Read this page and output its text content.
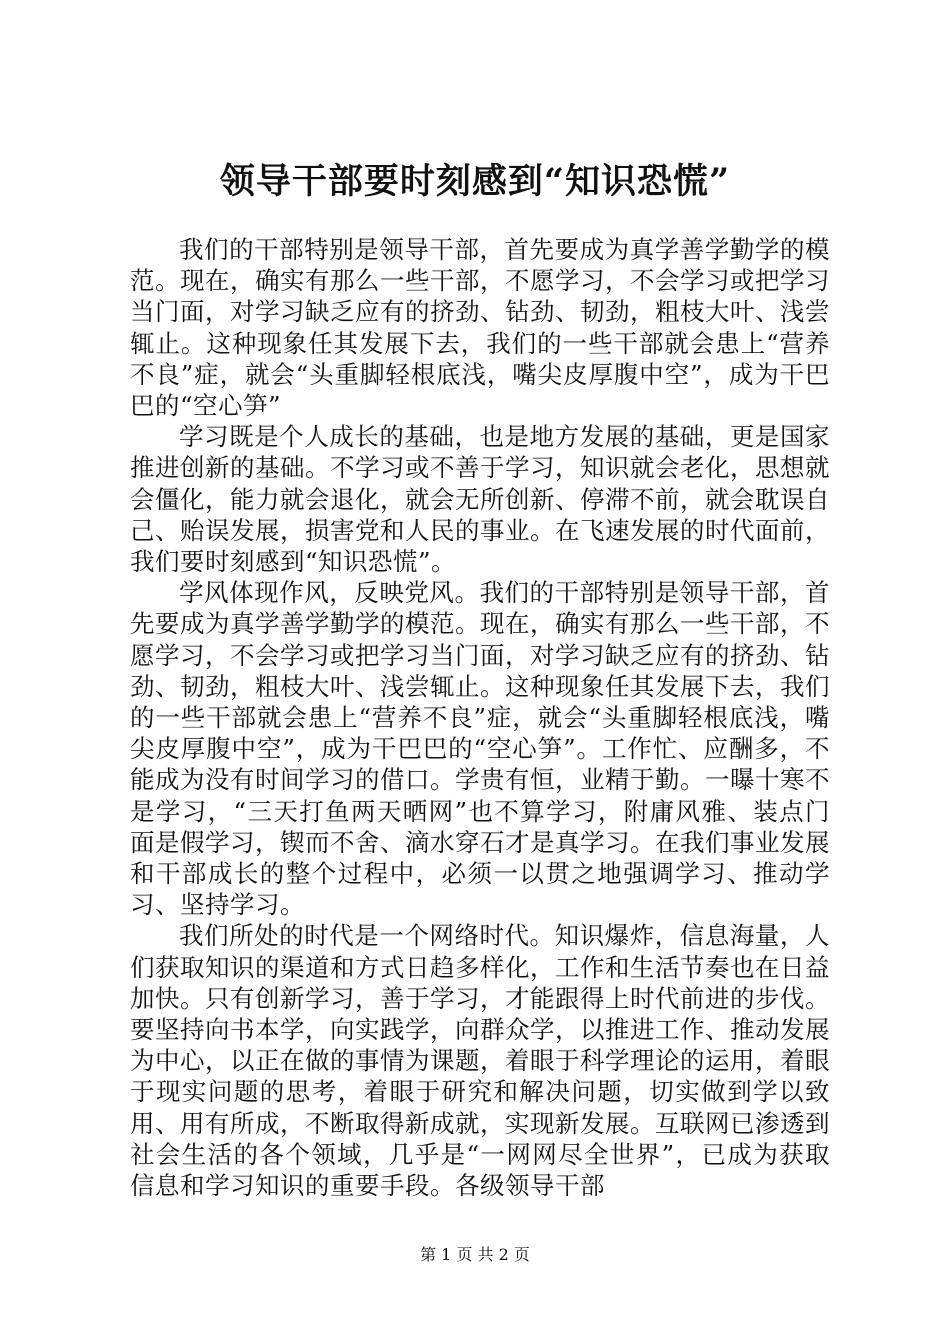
领导干部要时刻感到“知识恐慌”

我们的干部特别是领导干部，首先要成为真学善学勤学的模范。现在，确实有那么一些干部，不愿学习，不会学习或把学习当门面，对学习缺乏应有的挤劲、钻劲、韧劲，粗枝大叶、浅尝辄止。这种现象任其发展下去，我们的一些干部就会患上“营养不良”症，就会“头重脚轻根底浅，嘴尖皮厚腹中空”，成为干巴巴的“空心笋”

学习既是个人成长的基础，也是地方发展的基础，更是国家推进创新的基础。不学习或不善于学习，知识就会老化，思想就会僵化，能力就会退化，就会无所创新、停滞不前，就会耽误自己、贻误发展，损害党和人民的事业。在飞速发展的时代面前，我们要时刻感到“知识恐慌”。

学风体现作风，反映党风。我们的干部特别是领导干部，首先要成为真学善学勤学的模范。现在，确实有那么一些干部，不愿学习，不会学习或把学习当门面，对学习缺乏应有的挤劲、钻劲、韧劲，粗枝大叶、浅尝辄止。这种现象任其发展下去，我们的一些干部就会患上“营养不良”症，就会“头重脚轻根底浅，嘴尖皮厚腹中空”，成为干巴巴的“空心笋”。工作忙、应酬多，不能成为没有时间学习的借口。学贵有恒，业精于勤。一曝十寒不是学习，“三天打鱼两天晒网”也不算学习，附庸风雅、装点门面是假学习，锲而不舍、滴水穿石才是真学习。在我们事业发展和干部成长的整个过程中，必须一以贯之地强调学习、推动学习、坚持学习。

我们所处的时代是一个网络时代。知识爆炸，信息海量，人们获取知识的渠道和方式日趋多样化，工作和生活节奏也在日益加快。只有创新学习，善于学习，才能跟得上时代前进的步伐。要坚持向书本学，向实践学，向群众学，以推进工作、推动发展为中心，以正在做的事情为课题，着眼于科学理论的运用，着眼于现实问题的思考，着眼于研究和解决问题，切实做到学以致用、用有所成，不断取得新成就，实现新发展。互联网已渗透到社会生活的各个领域，几乎是“一网网尽全世界”，已成为获取信息和学习知识的重要手段。各级领导干部

第 1 页 共 2 页
